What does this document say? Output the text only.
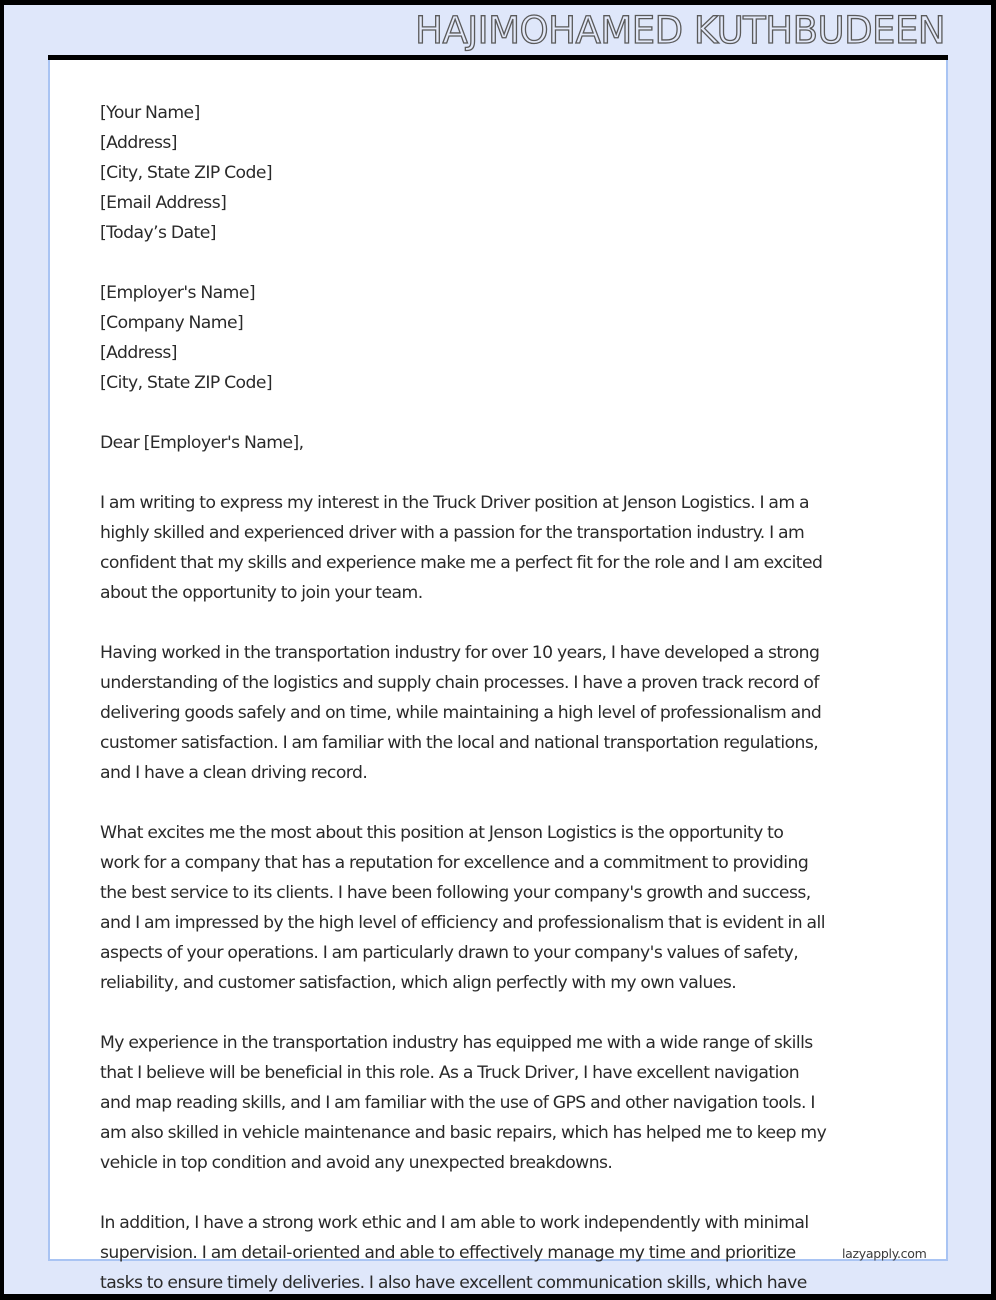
HAJIMOHAMED KUTHBUDEEN
lazyapply.com
[Your Name]
[Address]
[City, State ZIP Code]
[Email Address]
[Today’s Date]
[Employer's Name]
[Company Name]
[Address]
[City, State ZIP Code]
Dear [Employer's Name],

I am writing to express my interest in the Truck Driver position at Jenson Logistics. I am a
highly skilled and experienced driver with a passion for the transportation industry. I am
confident that my skills and experience make me a perfect fit for the role and I am excited
about the opportunity to join your team.

Having worked in the transportation industry for over 10 years, I have developed a strong
understanding of the logistics and supply chain processes. I have a proven track record of
delivering goods safely and on time, while maintaining a high level of professionalism and
customer satisfaction. I am familiar with the local and national transportation regulations,
and I have a clean driving record.

What excites me the most about this position at Jenson Logistics is the opportunity to
work for a company that has a reputation for excellence and a commitment to providing
the best service to its clients. I have been following your company's growth and success,
and I am impressed by the high level of efficiency and professionalism that is evident in all
aspects of your operations. I am particularly drawn to your company's values of safety,
reliability, and customer satisfaction, which align perfectly with my own values.

My experience in the transportation industry has equipped me with a wide range of skills
that I believe will be beneficial in this role. As a Truck Driver, I have excellent navigation
and map reading skills, and I am familiar with the use of GPS and other navigation tools. I
am also skilled in vehicle maintenance and basic repairs, which has helped me to keep my
vehicle in top condition and avoid any unexpected breakdowns.

In addition, I have a strong work ethic and I am able to work independently with minimal
supervision. I am detail-oriented and able to effectively manage my time and prioritize
tasks to ensure timely deliveries. I also have excellent communication skills, which have
